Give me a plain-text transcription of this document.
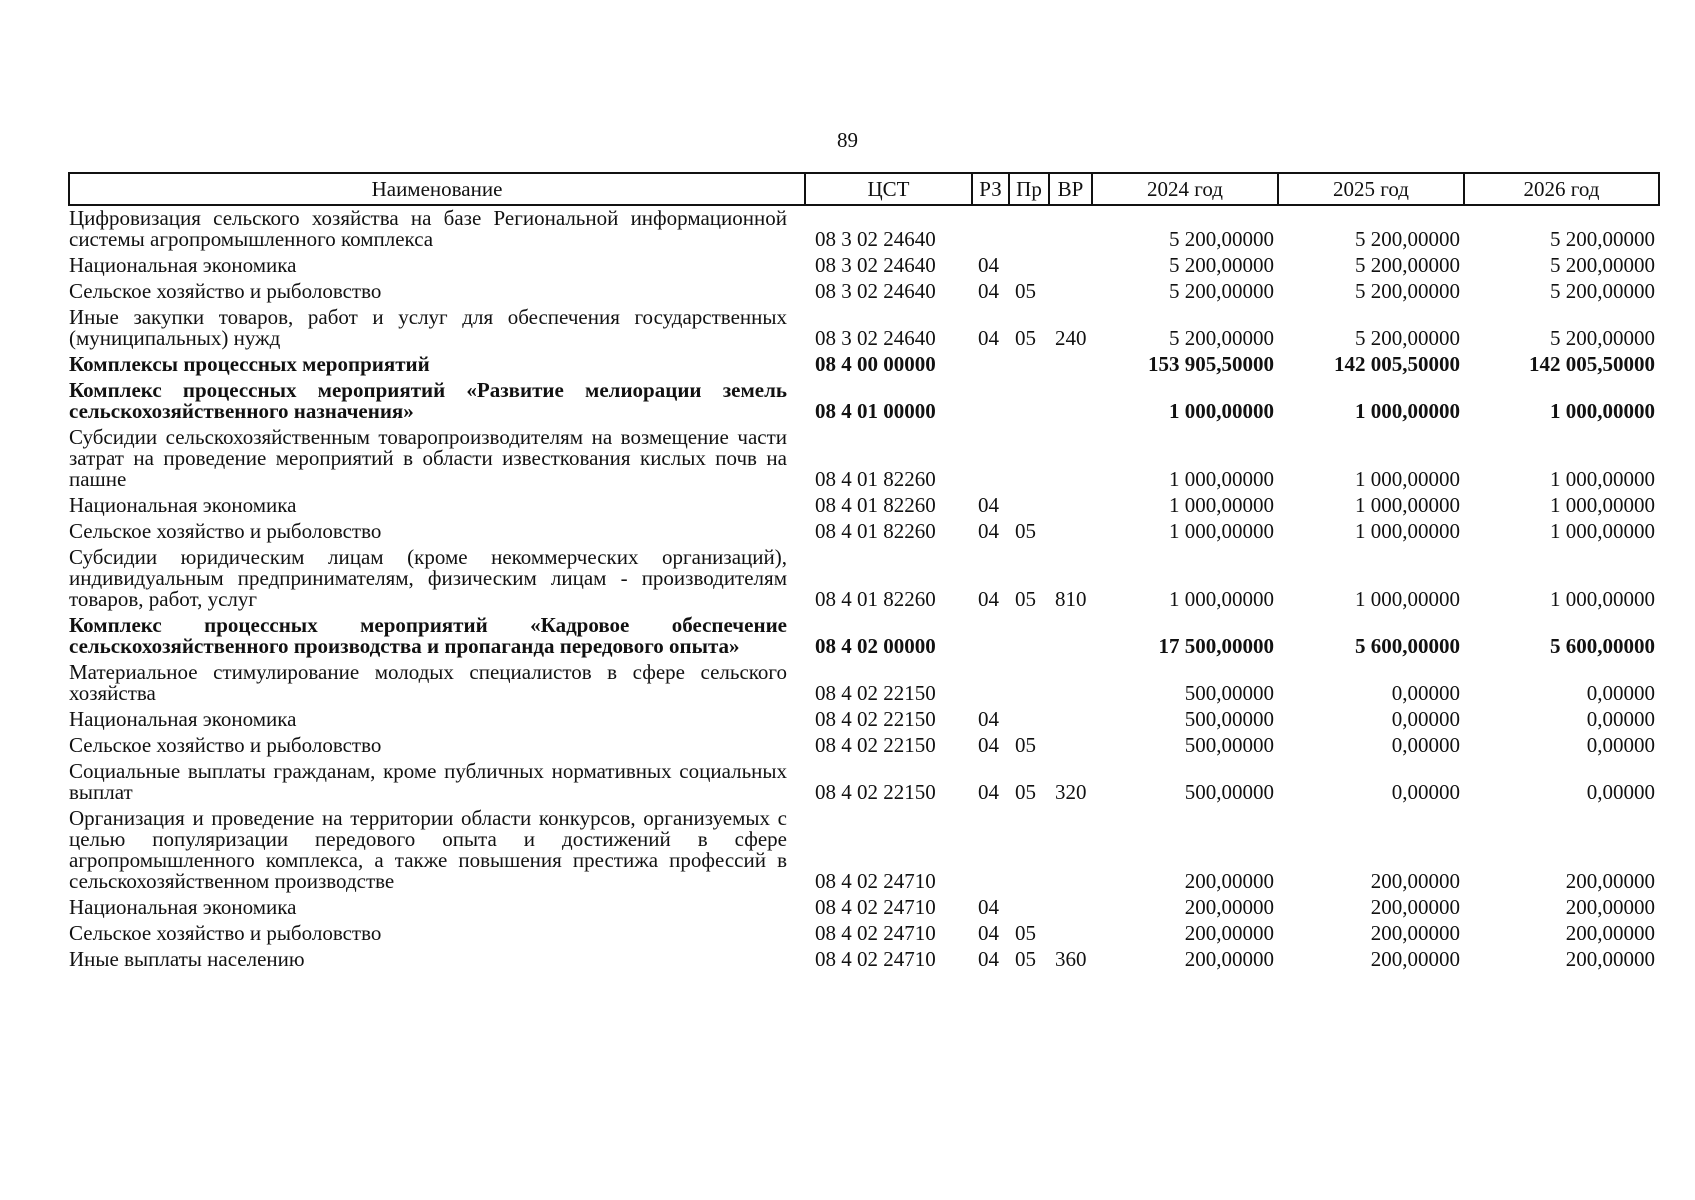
89
Наименование	ЦСТ	РЗ	Пр	ВР	2024 год	2025 год	2026 год
Цифровизация сельского хозяйства на базе Региональной информационной системы агропромышленного комплекса	08 3 02 24640				5 200,00000	5 200,00000	5 200,00000
Национальная экономика	08 3 02 24640	04			5 200,00000	5 200,00000	5 200,00000
Сельское хозяйство и рыболовство	08 3 02 24640	04	05		5 200,00000	5 200,00000	5 200,00000
Иные закупки товаров, работ и услуг для обеспечения государственных (муниципальных) нужд	08 3 02 24640	04	05	240	5 200,00000	5 200,00000	5 200,00000
Комплексы процессных мероприятий	08 4 00 00000				153 905,50000	142 005,50000	142 005,50000
Комплекс процессных мероприятий «Развитие мелиорации земель сельскохозяйственного назначения»	08 4 01 00000				1 000,00000	1 000,00000	1 000,00000
Субсидии сельскохозяйственным товаропроизводителям на возмещение части затрат на проведение мероприятий в области известкования кислых почв на пашне	08 4 01 82260				1 000,00000	1 000,00000	1 000,00000
Национальная экономика	08 4 01 82260	04			1 000,00000	1 000,00000	1 000,00000
Сельское хозяйство и рыболовство	08 4 01 82260	04	05		1 000,00000	1 000,00000	1 000,00000
Субсидии юридическим лицам (кроме некоммерческих организаций), индивидуальным предпринимателям, физическим лицам - производителям товаров, работ, услуг	08 4 01 82260	04	05	810	1 000,00000	1 000,00000	1 000,00000
Комплекс процессных мероприятий «Кадровое обеспечение сельскохозяйственного производства и пропаганда передового опыта»	08 4 02 00000				17 500,00000	5 600,00000	5 600,00000
Материальное стимулирование молодых специалистов в сфере сельского хозяйства	08 4 02 22150				500,00000	0,00000	0,00000
Национальная экономика	08 4 02 22150	04			500,00000	0,00000	0,00000
Сельское хозяйство и рыболовство	08 4 02 22150	04	05		500,00000	0,00000	0,00000
Социальные выплаты гражданам, кроме публичных нормативных социальных выплат	08 4 02 22150	04	05	320	500,00000	0,00000	0,00000
Организация и проведение на территории области конкурсов, организуемых с целью популяризации передового опыта и достижений в сфере агропромышленного комплекса, а также повышения престижа профессий в сельскохозяйственном производстве	08 4 02 24710				200,00000	200,00000	200,00000
Национальная экономика	08 4 02 24710	04			200,00000	200,00000	200,00000
Сельское хозяйство и рыболовство	08 4 02 24710	04	05		200,00000	200,00000	200,00000
Иные выплаты населению	08 4 02 24710	04	05	360	200,00000	200,00000	200,00000
